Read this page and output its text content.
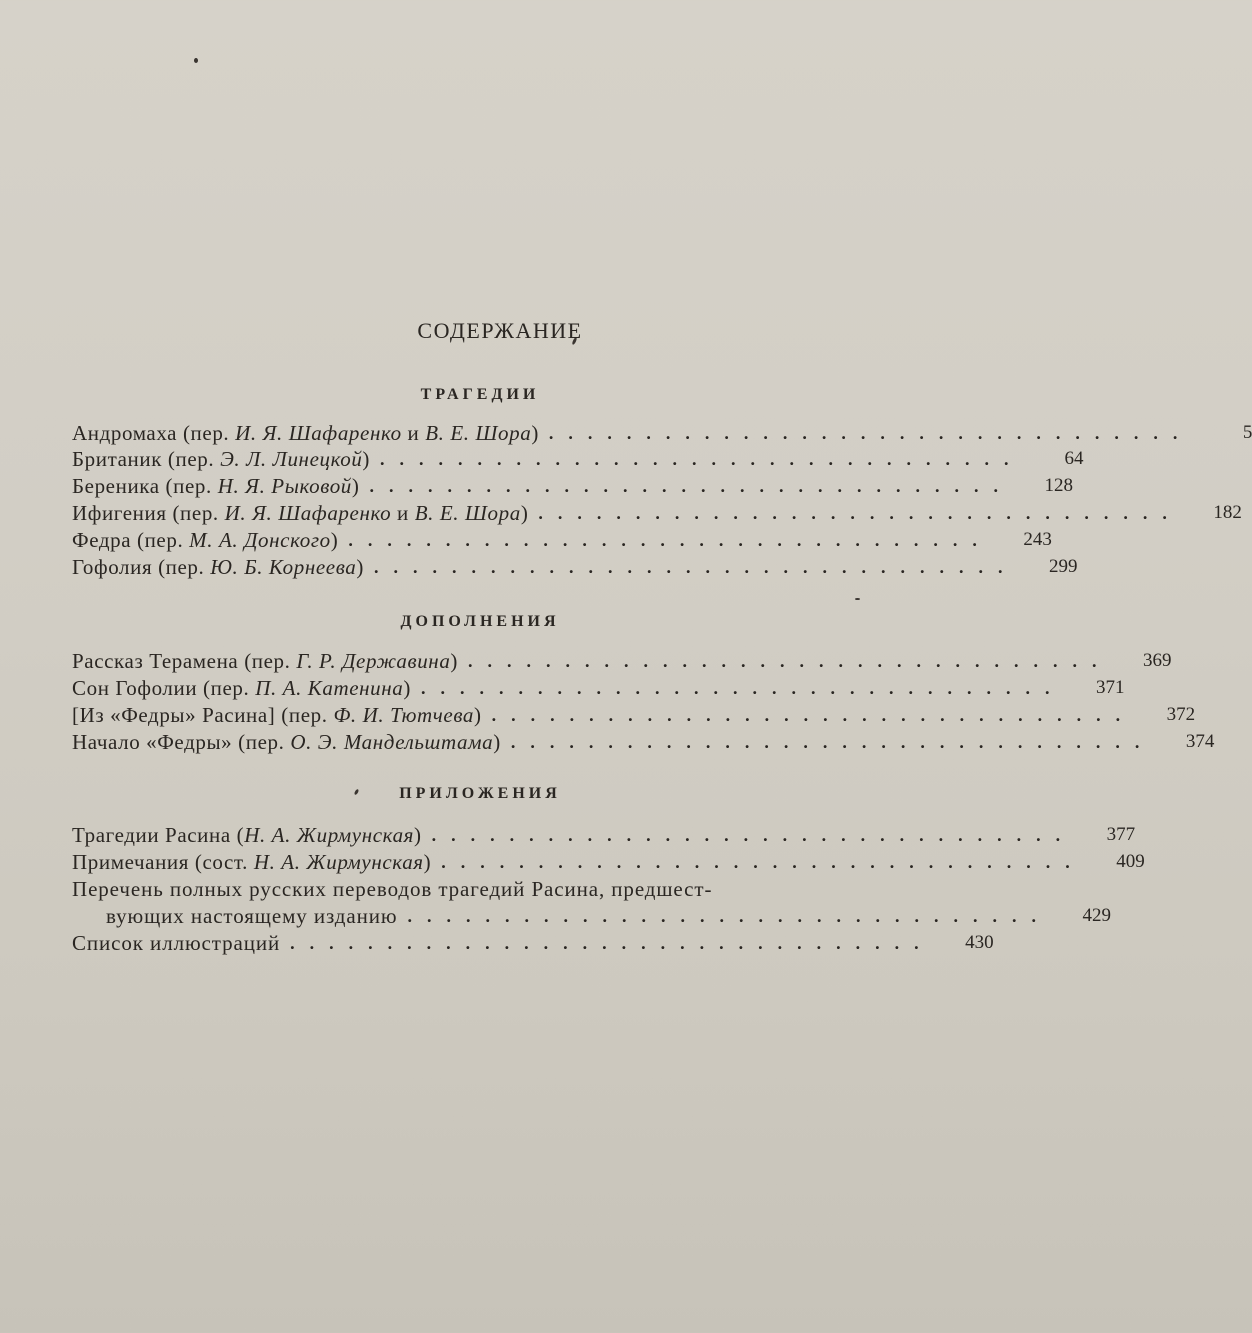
СОДЕРЖАНИЕ
ТРАГЕДИИ
Андромаха (пер. И. Я. Шафаренко и В. Е. Шора) .................................	5
Британик (пер. Э. Л. Линецкой) .................................	64
Береника (пер. Н. Я. Рыковой) .................................	128
Ифигения (пер. И. Я. Шафаренко и В. Е. Шора) .................................	182
Федра (пер. М. А. Донского) .................................	243
Гофолия (пер. Ю. Б. Корнеева) .................................	299
ДОПОЛНЕНИЯ
Рассказ Терамена (пер. Г. Р. Державина) .................................	369
Сон Гофолии (пер. П. А. Катенина) .................................	371
[Из «Федры» Расина] (пер. Ф. И. Тютчева) .................................	372
Начало «Федры» (пер. О. Э. Мандельштама) .................................	374
ПРИЛОЖЕНИЯ
Трагедии Расина (Н. А. Жирмунская) .................................	377
Примечания (сост. Н. А. Жирмунская) .................................	409
Перечень полных русских переводов трагедий Расина, предшест-
вующих настоящему изданию .................................	429
Список иллюстраций .................................	430
